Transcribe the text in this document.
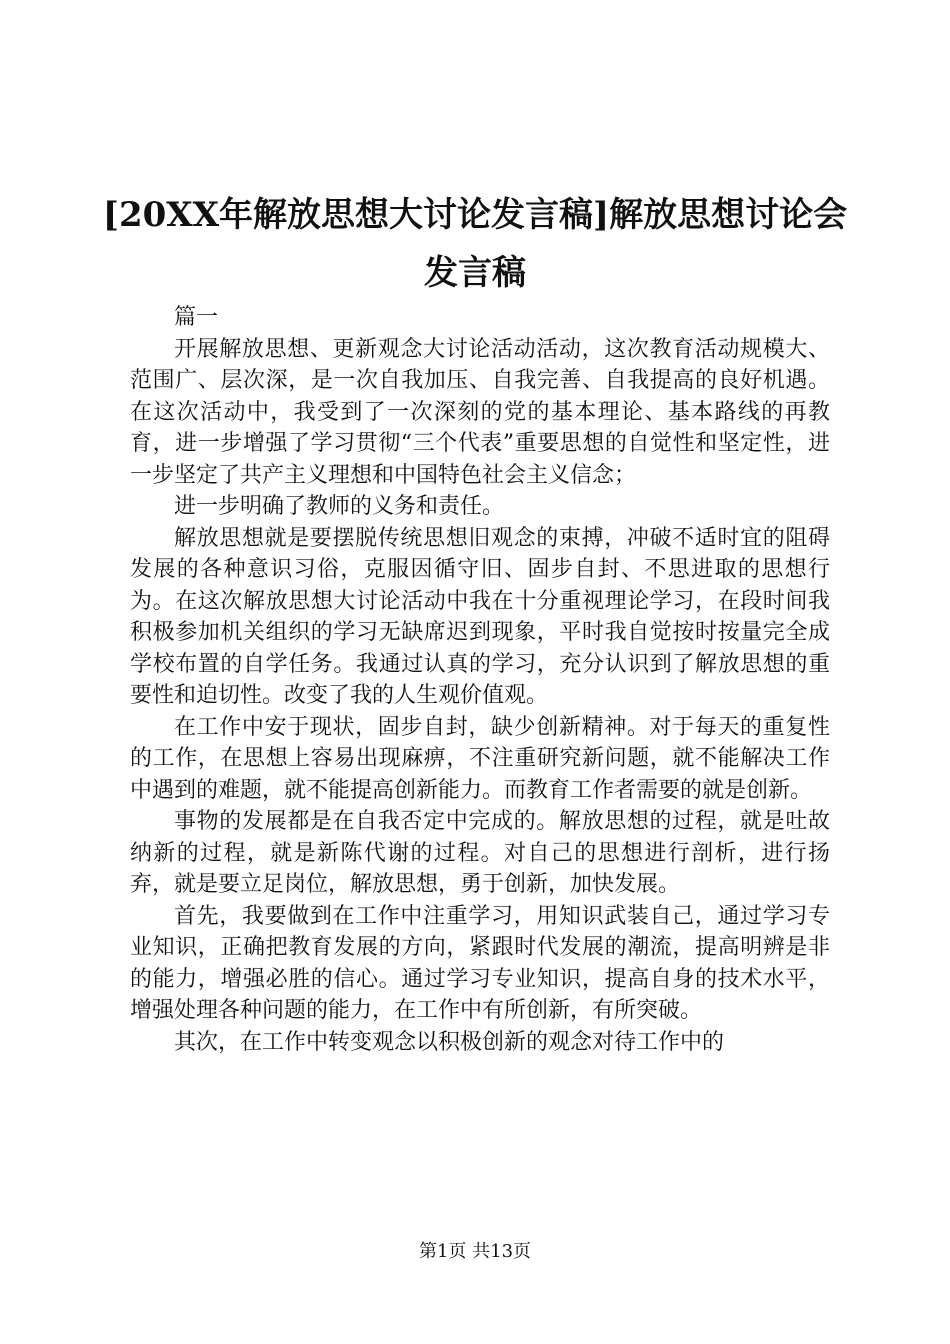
[20XX年解放思想大讨论发言稿]解放思想讨论会发言稿

篇一

开展解放思想、更新观念大讨论活动活动，这次教育活动规模大、范围广、层次深，是一次自我加压、自我完善、自我提高的良好机遇。在这次活动中，我受到了一次深刻的党的基本理论、基本路线的再教育，进一步增强了学习贯彻“三个代表”重要思想的自觉性和坚定性，进一步坚定了共产主义理想和中国特色社会主义信念；

进一步明确了教师的义务和责任。

解放思想就是要摆脱传统思想旧观念的束搏，冲破不适时宜的阻碍发展的各种意识习俗，克服因循守旧、固步自封、不思进取的思想行为。在这次解放思想大讨论活动中我在十分重视理论学习，在段时间我积极参加机关组织的学习无缺席迟到现象，平时我自觉按时按量完全成学校布置的自学任务。我通过认真的学习，充分认识到了解放思想的重要性和迫切性。改变了我的人生观价值观。

在工作中安于现状，固步自封，缺少创新精神。对于每天的重复性的工作，在思想上容易出现麻痹，不注重研究新问题，就不能解决工作中遇到的难题，就不能提高创新能力。而教育工作者需要的就是创新。

事物的发展都是在自我否定中完成的。解放思想的过程，就是吐故纳新的过程，就是新陈代谢的过程。对自己的思想进行剖析，进行扬弃，就是要立足岗位，解放思想，勇于创新，加快发展。

首先，我要做到在工作中注重学习，用知识武装自己，通过学习专业知识，正确把教育发展的方向，紧跟时代发展的潮流，提高明辨是非的能力，增强必胜的信心。通过学习专业知识，提高自身的技术水平，增强处理各种问题的能力，在工作中有所创新，有所突破。

其次，在工作中转变观念以积极创新的观念对待工作中的

第1页 共13页
